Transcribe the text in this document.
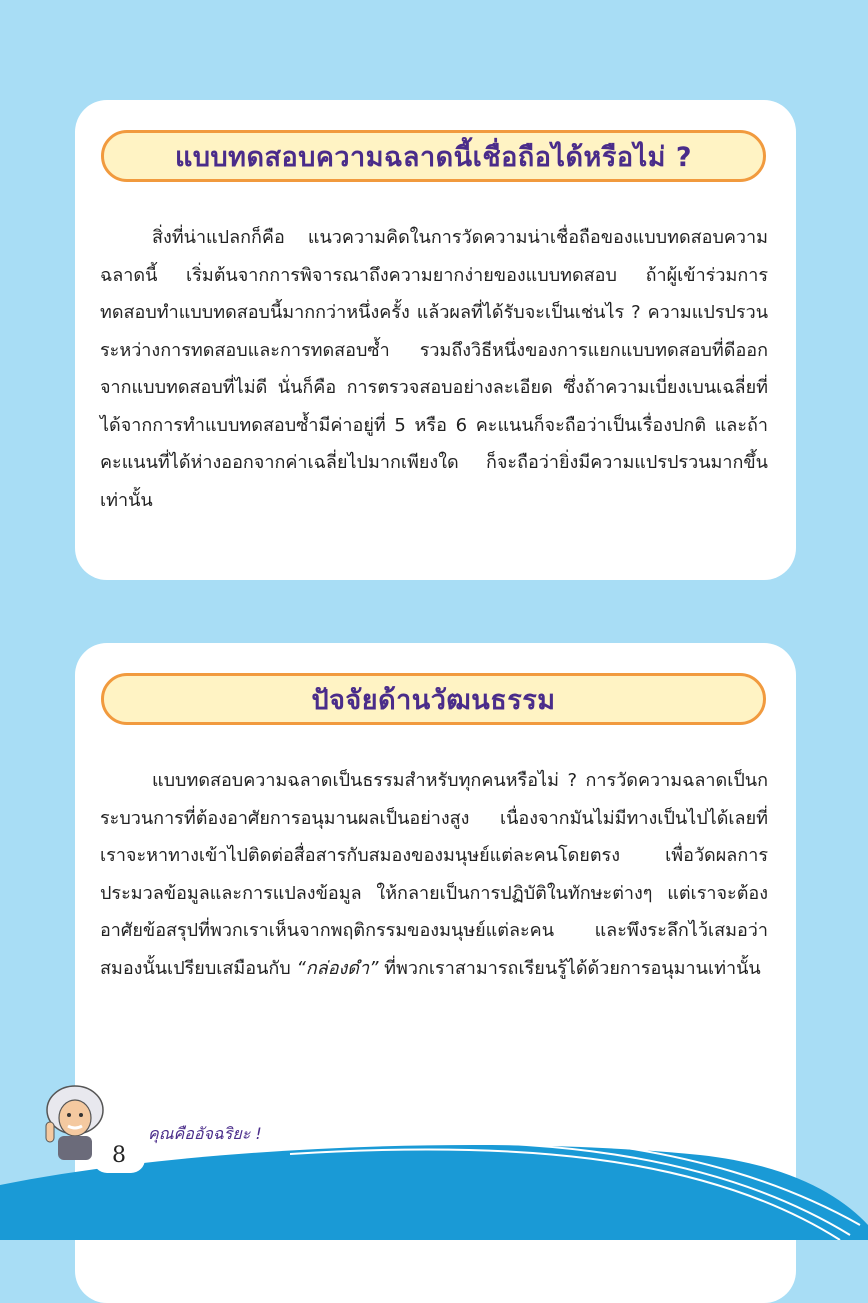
แบบทดสอบความฉลาดนี้เชื่อถือได้หรือไม่ ?
สิ่งที่น่าแปลกก็คือ แนวความคิดในการวัดความน่าเชื่อถือของแบบทดสอบความฉลาดนี้ เริ่มต้นจากการพิจารณาถึงความยากง่ายของแบบทดสอบ ถ้าผู้เข้าร่วมการทดสอบทำแบบทดสอบนี้มากกว่าหนึ่งครั้ง แล้วผลที่ได้รับจะเป็นเช่นไร ? ความแปรปรวนระหว่างการทดสอบและการทดสอบซ้ำ รวมถึงวิธีหนึ่งของการแยกแบบทดสอบที่ดีออกจากแบบทดสอบที่ไม่ดี นั่นก็คือ การตรวจสอบอย่างละเอียด ซึ่งถ้าความเบี่ยงเบนเฉลี่ยที่ได้จากการทำแบบทดสอบซ้ำมีค่าอยู่ที่ 5 หรือ 6 คะแนนก็จะถือว่าเป็นเรื่องปกติ และถ้าคะแนนที่ได้ห่างออกจากค่าเฉลี่ยไปมากเพียงใด ก็จะถือว่ายิ่งมีความแปรปรวนมากขึ้นเท่านั้น
ปัจจัยด้านวัฒนธรรม
แบบทดสอบความฉลาดเป็นธรรมสำหรับทุกคนหรือไม่ ? การวัดความฉลาดเป็นกระบวนการที่ต้องอาศัยการอนุมานผลเป็นอย่างสูง เนื่องจากมันไม่มีทางเป็นไปได้เลยที่เราจะหาทางเข้าไปติดต่อสื่อสารกับสมองของมนุษย์แต่ละคนโดยตรง เพื่อวัดผลการประมวลข้อมูลและการแปลงข้อมูล ให้กลายเป็นการปฏิบัติในทักษะต่างๆ แต่เราจะต้องอาศัยข้อสรุปที่พวกเราเห็นจากพฤติกรรมของมนุษย์แต่ละคน และพึงระลึกไว้เสมอว่าสมองนั้นเปรียบเสมือนกับ “กล่องดำ” ที่พวกเราสามารถเรียนรู้ได้ด้วยการอนุมานเท่านั้น
8
คุณคืออัจฉริยะ !
